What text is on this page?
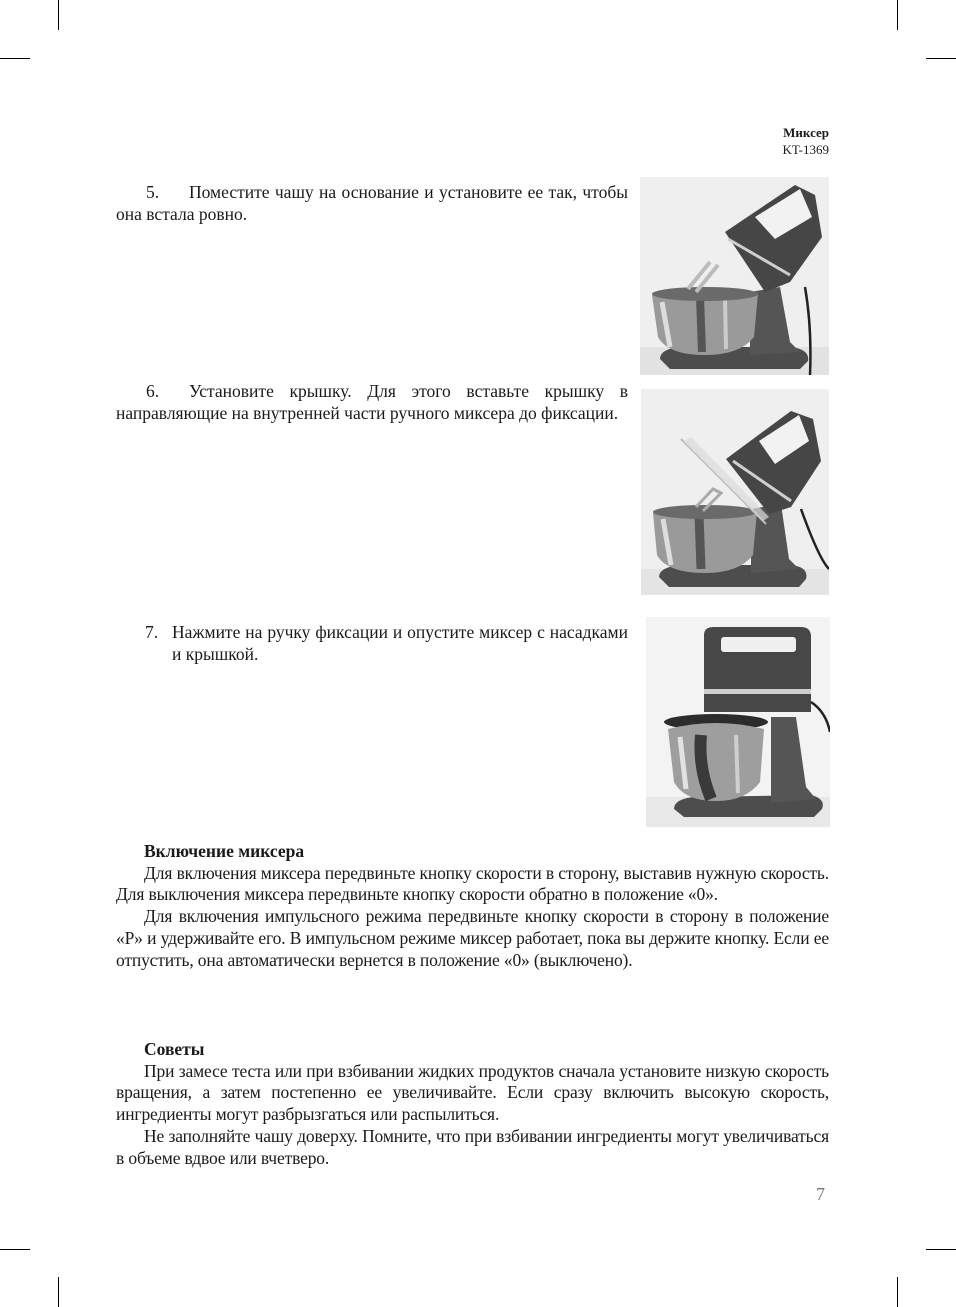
Миксер
KT-1369
5. Поместите чашу на основание и установите ее так, чтобы она встала ровно.
6. Установите крышку. Для этого вставьте крышку в направляющие на внутренней части ручного миксера до фиксации.
7. Нажмите на ручку фиксации и опустите миксер с насадками и крышкой.
Включение миксера

Для включения миксера передвиньте кнопку скорости в сторону, выставив нужную скорость. Для выключения миксера передвиньте кнопку скорости обратно в положение «0».

Для включения импульсного режима передвиньте кнопку скорости в сторону в положение «P» и удерживайте его. В импульсном режиме миксер работает, пока вы держите кнопку. Если ее отпустить, она автоматически вернется в положение «0» (выключено).

Советы

При замесе теста или при взбивании жидких продуктов сначала установите низкую скорость вращения, а затем постепенно ее увеличивайте. Если сразу включить высокую скорость, ингредиенты могут разбрызгаться или распылиться.

Не заполняйте чашу доверху. Помните, что при взбивании ингредиенты могут увеличиваться в объеме вдвое или вчетверо.

7
